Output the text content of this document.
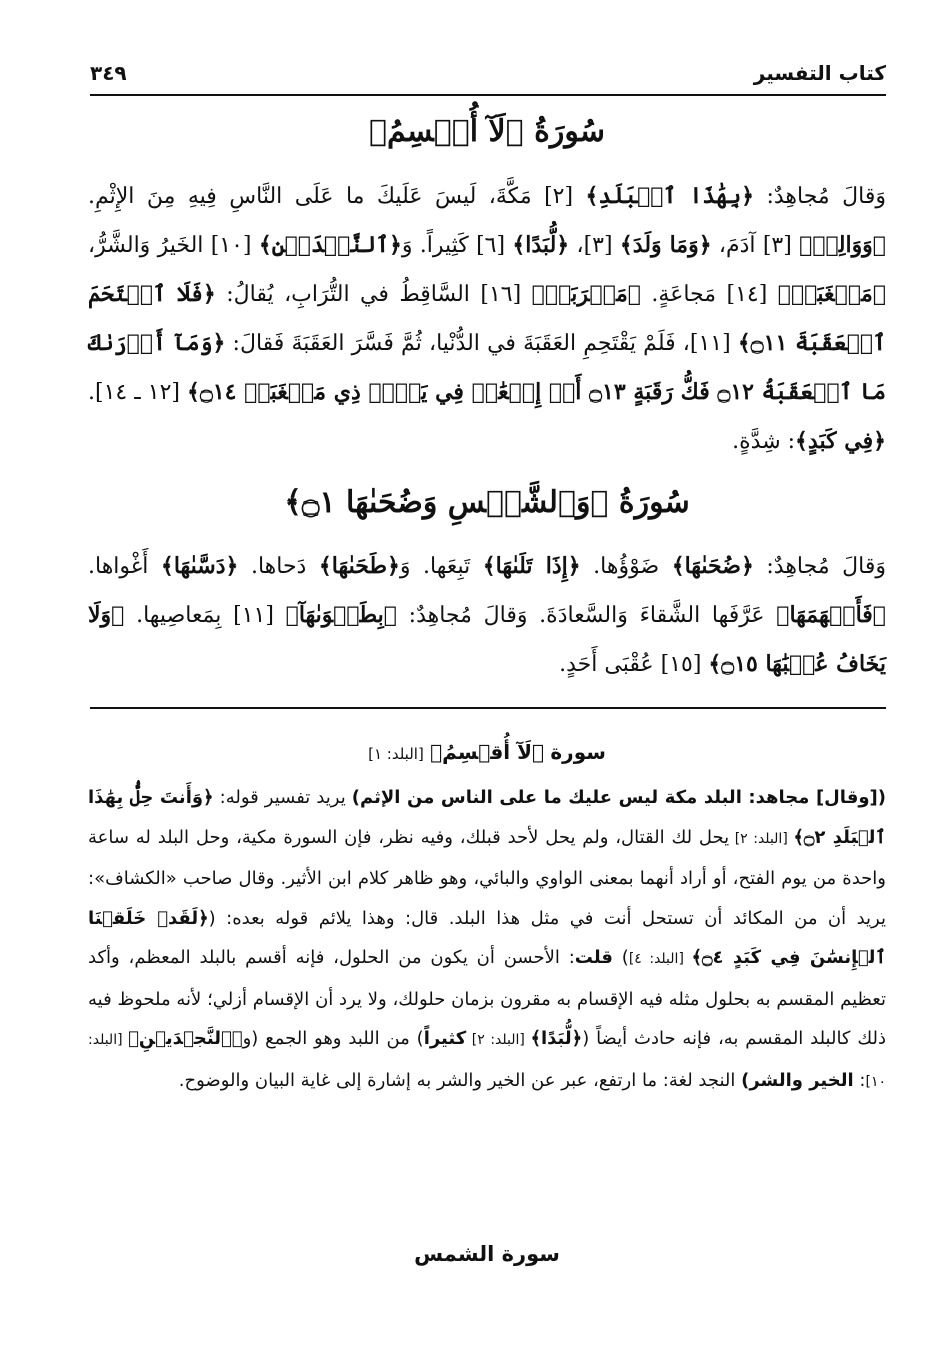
كتاب التفسير
٣٤٩
سُورَةُ ﴿لَآ أُقۡسِمُ﴾

وَقالَ مُجاهِدٌ: ﴿بِهَٰذَا ٱلۡبَلَدِ﴾ [٢] مَكَّةَ، لَيسَ عَلَيكَ ما عَلَى النَّاسِ فِيهِ مِنَ الإِثْمِ. ﴿وَوَالِدٖ﴾ [٣] آدَمَ، ﴿وَمَا وَلَدَ﴾ [٣]، ﴿لُّبَدًا﴾ [٦] كَثِيراً. وَ﴿ٱلنَّجۡدَيۡنِ﴾ [١٠] الخَيرُ وَالشَّرُّ، ﴿مَسۡغَبَةٖ﴾ [١٤] مَجاعَةٍ. ﴿مَتۡرَبَةٖ﴾ [١٦] السَّاقِطُ في التُّرَابِ، يُقالُ: ﴿فَلَا ٱقۡتَحَمَ ٱلۡعَقَبَةَ ۝١١﴾ [١١]، فَلَمْ يَقْتَحِمِ العَقَبَةَ في الدُّنْيا، ثُمَّ فَسَّرَ العَقَبَةَ فَقالَ: ﴿وَمَآ أَدۡرَىٰكَ مَا ٱلۡعَقَبَةُ ۝١٢ فَكُّ رَقَبَةٍ ۝١٣ أَوۡ إِطۡعَٰمٞ فِي يَوۡمٖ ذِي مَسۡغَبَةٖ ۝١٤﴾ [١٢ ـ ١٤]. ﴿فِي كَبَدٍ﴾: شِدَّةٍ.

سُورَةُ ﴿وَٱلشَّمۡسِ وَضُحَىٰهَا ۝١﴾

وَقالَ مُجاهِدٌ: ﴿ضُحَىٰهَا﴾ ضَوْؤُها. ﴿إِذَا تَلَىٰهَا﴾ تَبِعَها. وَ﴿طَحَىٰهَا﴾ دَحاها. ﴿دَسَّىٰهَا﴾ أَغْواها. ﴿فَأَلۡهَمَهَا﴾ عَرَّفَها الشَّقاءَ وَالسَّعادَةَ. وَقالَ مُجاهِدٌ: ﴿بِطَغۡوَىٰهَآ﴾ [١١] بِمَعاصِيها. ﴿وَلَا يَخَافُ عُقۡبَٰهَا ۝١٥﴾ [١٥] عُقْبَى أَحَدٍ.

سورة ﴿لَآ أُقۡسِمُ﴾ [البلد: ١]

([وقال] مجاهد: البلد مكة ليس عليك ما على الناس من الإثم) يريد تفسير قوله: ﴿وَأَنتَ حِلُّۢ بِهَٰذَا ٱلۡبَلَدِ ۝٢﴾ [البلد: ٢] يحل لك القتال، ولم يحل لأحد قبلك، وفيه نظر، فإن السورة مكية، وحل البلد له ساعة واحدة من يوم الفتح، أو أراد أنهما بمعنى الواوي والبائي، وهو ظاهر كلام ابن الأثير. وقال صاحب «الكشاف»: يريد أن من المكائد أن تستحل أنت في مثل هذا البلد. قال: وهذا يلائم قوله بعده: (﴿لَقَدۡ خَلَقۡنَا ٱلۡإِنسَٰنَ فِي كَبَدٍ ۝٤﴾ [البلد: ٤]) قلت: الأحسن أن يكون من الحلول، فإنه أقسم بالبلد المعظم، وأكد تعظيم المقسم به بحلول مثله فيه الإقسام به مقرون بزمان حلولك، ولا يرد أن الإقسام أزلي؛ لأنه ملحوظ فيه ذلك كالبلد المقسم به، فإنه حادث أيضاً (﴿لُّبَدًا﴾ [البلد: ٢] كثيراً) من اللبد وهو الجمع (و﴿ٱلنَّجۡدَيۡنِ﴾ [البلد: ١٠]: الخير والشر) النجد لغة: ما ارتفع، عبر عن الخير والشر به إشارة إلى غاية البيان والوضوح.

سورة الشمس
